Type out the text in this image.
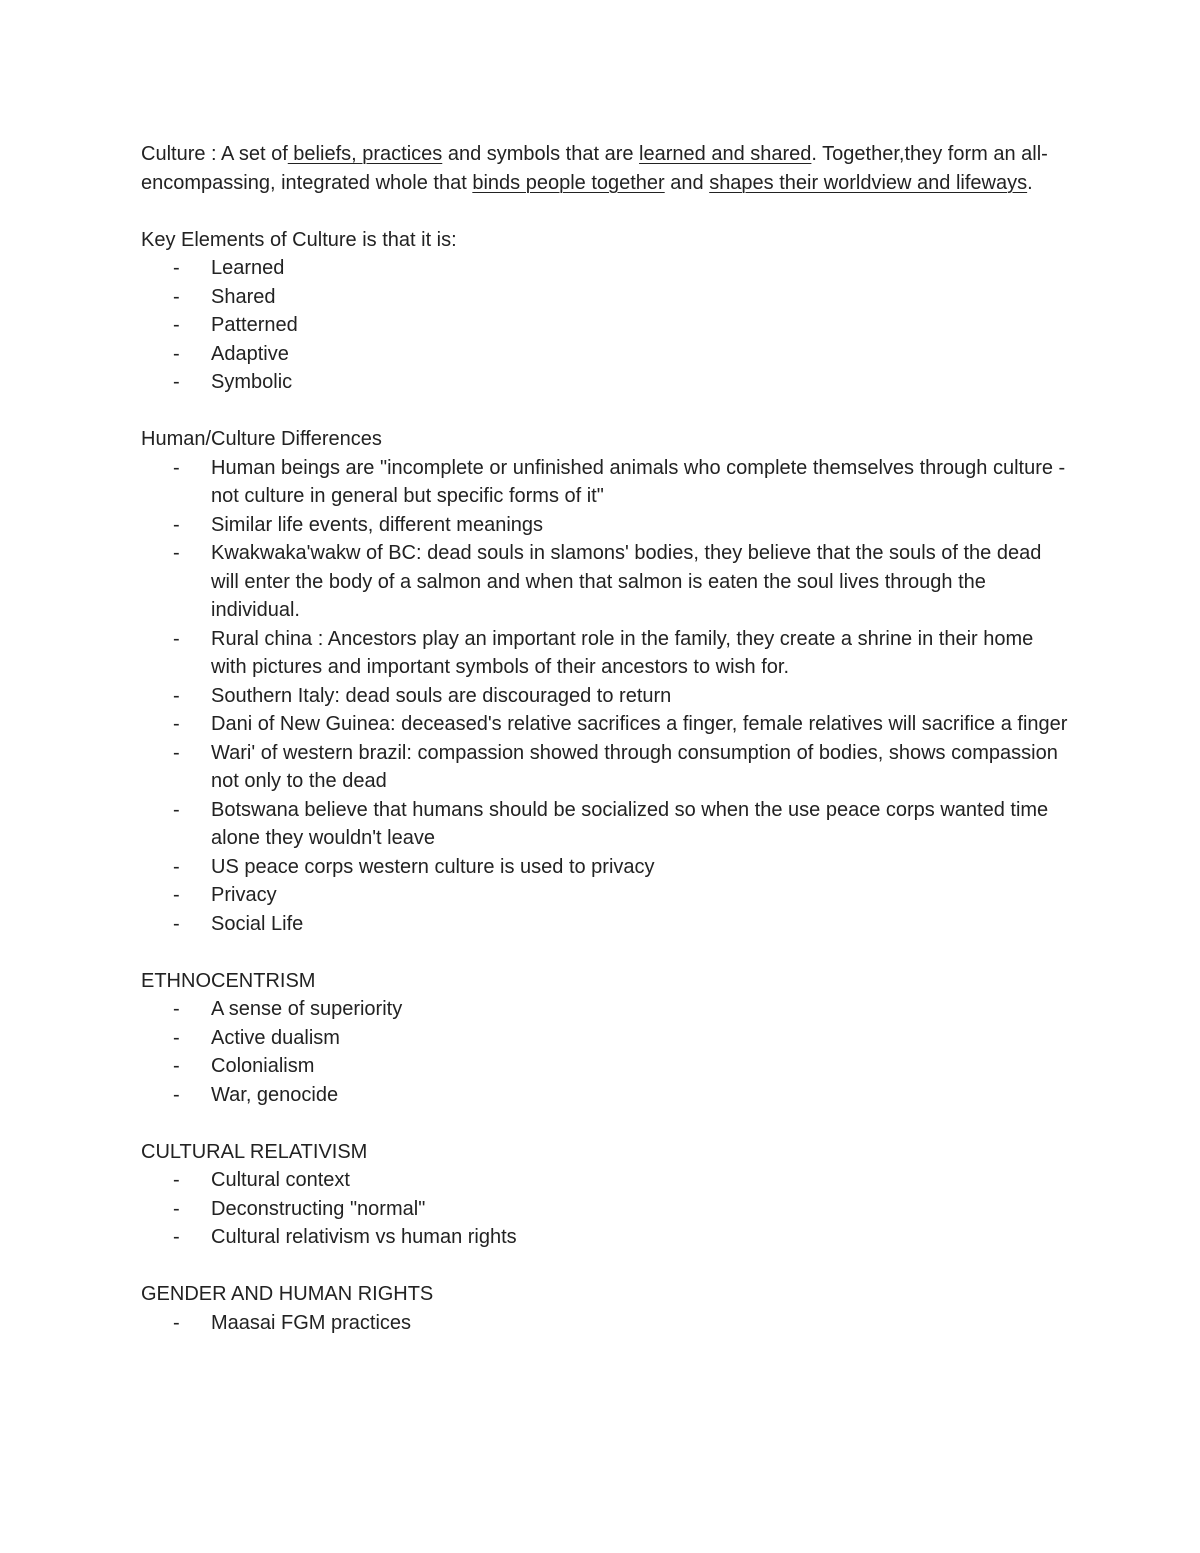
Culture : A set of beliefs, practices and symbols that are learned and shared. Together,they form an all-encompassing, integrated whole that binds people together and shapes their worldview and lifeways.

Key Elements of Culture is that it is:

- Learned
- Shared
- Patterned
- Adaptive
- Symbolic

Human/Culture Differences

- Human beings are "incomplete or unfinished animals who complete themselves through culture - not culture in general but specific forms of it"
- Similar life events, different meanings
- Kwakwaka'wakw of BC: dead souls in slamons' bodies, they believe that the souls of the dead will enter the body of a salmon and when that salmon is eaten the soul lives through the individual.
- Rural china : Ancestors play an important role in the family, they create a shrine in their home with pictures and important symbols of their ancestors to wish for.
- Southern Italy: dead souls are discouraged to return
- Dani of New Guinea: deceased's relative sacrifices a finger, female relatives will sacrifice a finger
- Wari' of western brazil: compassion showed through consumption of bodies, shows compassion not only to the dead
- Botswana believe that humans should be socialized so when the use peace corps wanted time alone they wouldn't leave
- US peace corps western culture is used to privacy
- Privacy
- Social Life

ETHNOCENTRISM

- A sense of superiority
- Active dualism
- Colonialism
- War, genocide

CULTURAL RELATIVISM

- Cultural context
- Deconstructing "normal"
- Cultural relativism vs human rights

GENDER AND HUMAN RIGHTS

- Maasai FGM practices
